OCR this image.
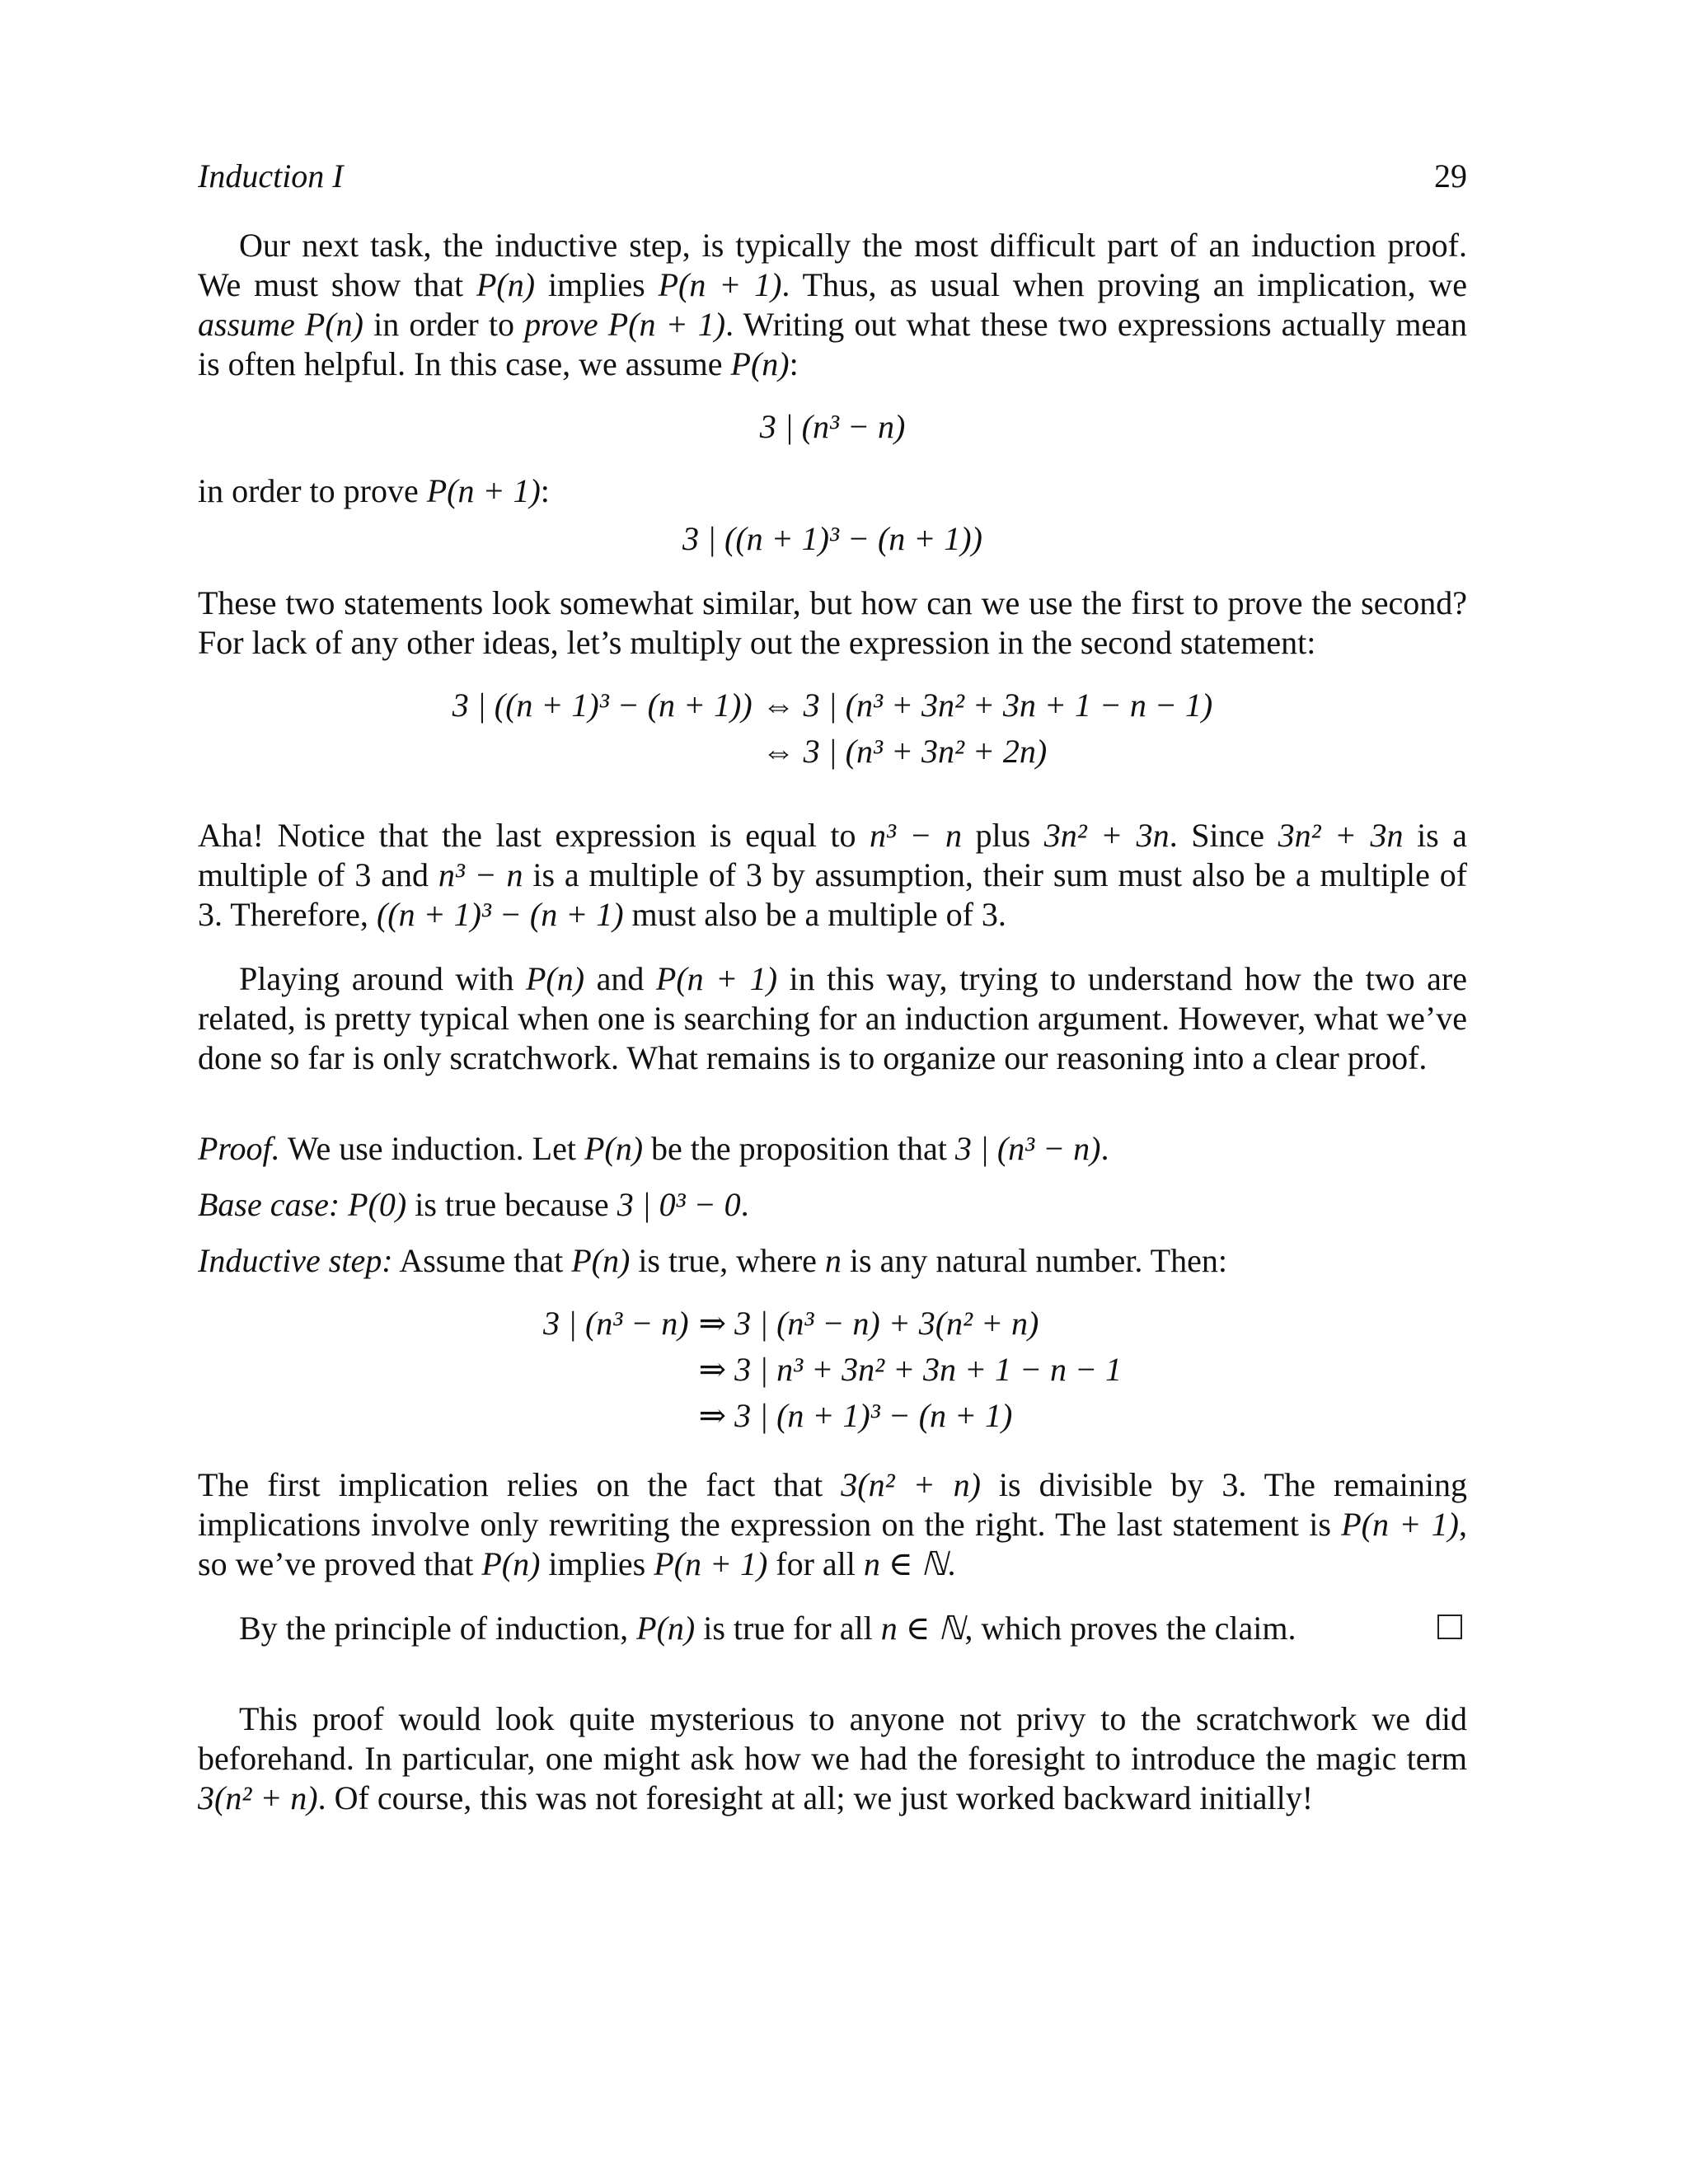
Induction I	29

Our next task, the inductive step, is typically the most difficult part of an induction proof. We must show that P(n) implies P(n + 1). Thus, as usual when proving an implication, we assume P(n) in order to prove P(n + 1). Writing out what these two expressions actually mean is often helpful. In this case, we assume P(n):

3 | (n³ − n)

in order to prove P(n + 1):

3 | ((n + 1)³ − (n + 1))

These two statements look somewhat similar, but how can we use the first to prove the second? For lack of any other ideas, let’s multiply out the expression in the second statement:

3 | ((n + 1)³ − (n + 1)) ⇔ 3 | (n³ + 3n² + 3n + 1 − n − 1)
⇔ 3 | (n³ + 3n² + 2n)

Aha! Notice that the last expression is equal to n³ − n plus 3n² + 3n. Since 3n² + 3n is a multiple of 3 and n³ − n is a multiple of 3 by assumption, their sum must also be a multiple of 3. Therefore, ((n + 1)³ − (n + 1) must also be a multiple of 3.

Playing around with P(n) and P(n + 1) in this way, trying to understand how the two are related, is pretty typical when one is searching for an induction argument. However, what we’ve done so far is only scratchwork. What remains is to organize our reasoning into a clear proof.

Proof. We use induction. Let P(n) be the proposition that 3 | (n³ − n).

Base case: P(0) is true because 3 | 0³ − 0.

Inductive step: Assume that P(n) is true, where n is any natural number. Then:

3 | (n³ − n) ⇒ 3 | (n³ − n) + 3(n² + n)
⇒ 3 | n³ + 3n² + 3n + 1 − n − 1
⇒ 3 | (n + 1)³ − (n + 1)

The first implication relies on the fact that 3(n² + n) is divisible by 3. The remaining implications involve only rewriting the expression on the right. The last statement is P(n + 1), so we’ve proved that P(n) implies P(n + 1) for all n ∈ ℕ.

By the principle of induction, P(n) is true for all n ∈ ℕ, which proves the claim.

This proof would look quite mysterious to anyone not privy to the scratchwork we did beforehand. In particular, one might ask how we had the foresight to introduce the magic term 3(n² + n). Of course, this was not foresight at all; we just worked backward initially!
